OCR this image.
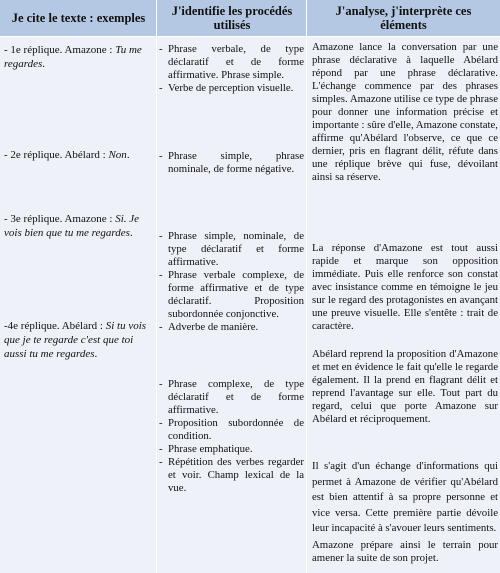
Je cite le texte : exemples	J'identifie les procédés utilisés
J'analyse, j'interprète ces éléments
- 1e réplique. Amazone : Tu me regardes.
- 2e réplique. Abélard : Non.
- 3e réplique. Amazone : Si. Je vois bien que tu me regardes.
-4e réplique. Abélard : Si tu vois que je te regarde c'est que toi aussi tu me regardes.
- Phrase verbale, de type déclaratif et de forme affirmative. Phrase simple.
- Verbe de perception visuelle.
- Phrase simple, phrase nominale, de forme négative.
- Phrase simple, nominale, de type déclaratif et forme affirmative.
- Phrase verbale complexe, de forme affirmative et de type déclaratif. Proposition subordonnée conjonctive.
- Adverbe de manière.
- Phrase complexe, de type déclaratif et de forme affirmative.
- Proposition subordonnée de condition.
- Phrase emphatique.
- Répétition des verbes regarder et voir. Champ lexical de la vue.

Amazone lance la conversation par une phrase déclarative à laquelle Abélard répond par une phrase déclarative. L'échange commence par des phrases simples. Amazone utilise ce type de phrase pour donner une information précise et importante : sûre d'elle, Amazone constate, affirme qu'Abélard l'observe, ce que ce dernier, pris en flagrant délit, réfute dans une réplique brève qui fuse, dévoilant ainsi sa réserve.

La réponse d'Amazone est tout aussi rapide et marque son opposition immédiate. Puis elle renforce son constat avec insistance comme en témoigne le jeu sur le regard des protagonistes en avançant une preuve visuelle. Elle s'entête : trait de caractère.

Abélard reprend la proposition d'Amazone et met en évidence le fait qu'elle le regarde également. Il la prend en flagrant délit et reprend l'avantage sur elle. Tout part du regard, celui que porte Amazone sur Abélard et réciproquement.

Il s'agit d'un échange d'informations qui permet à Amazone de vérifier qu'Abélard est bien attentif à sa propre personne et vice versa. Cette première partie dévoile leur incapacité à s'avouer leurs sentiments.

Amazone prépare ainsi le terrain pour amener la suite de son projet.
